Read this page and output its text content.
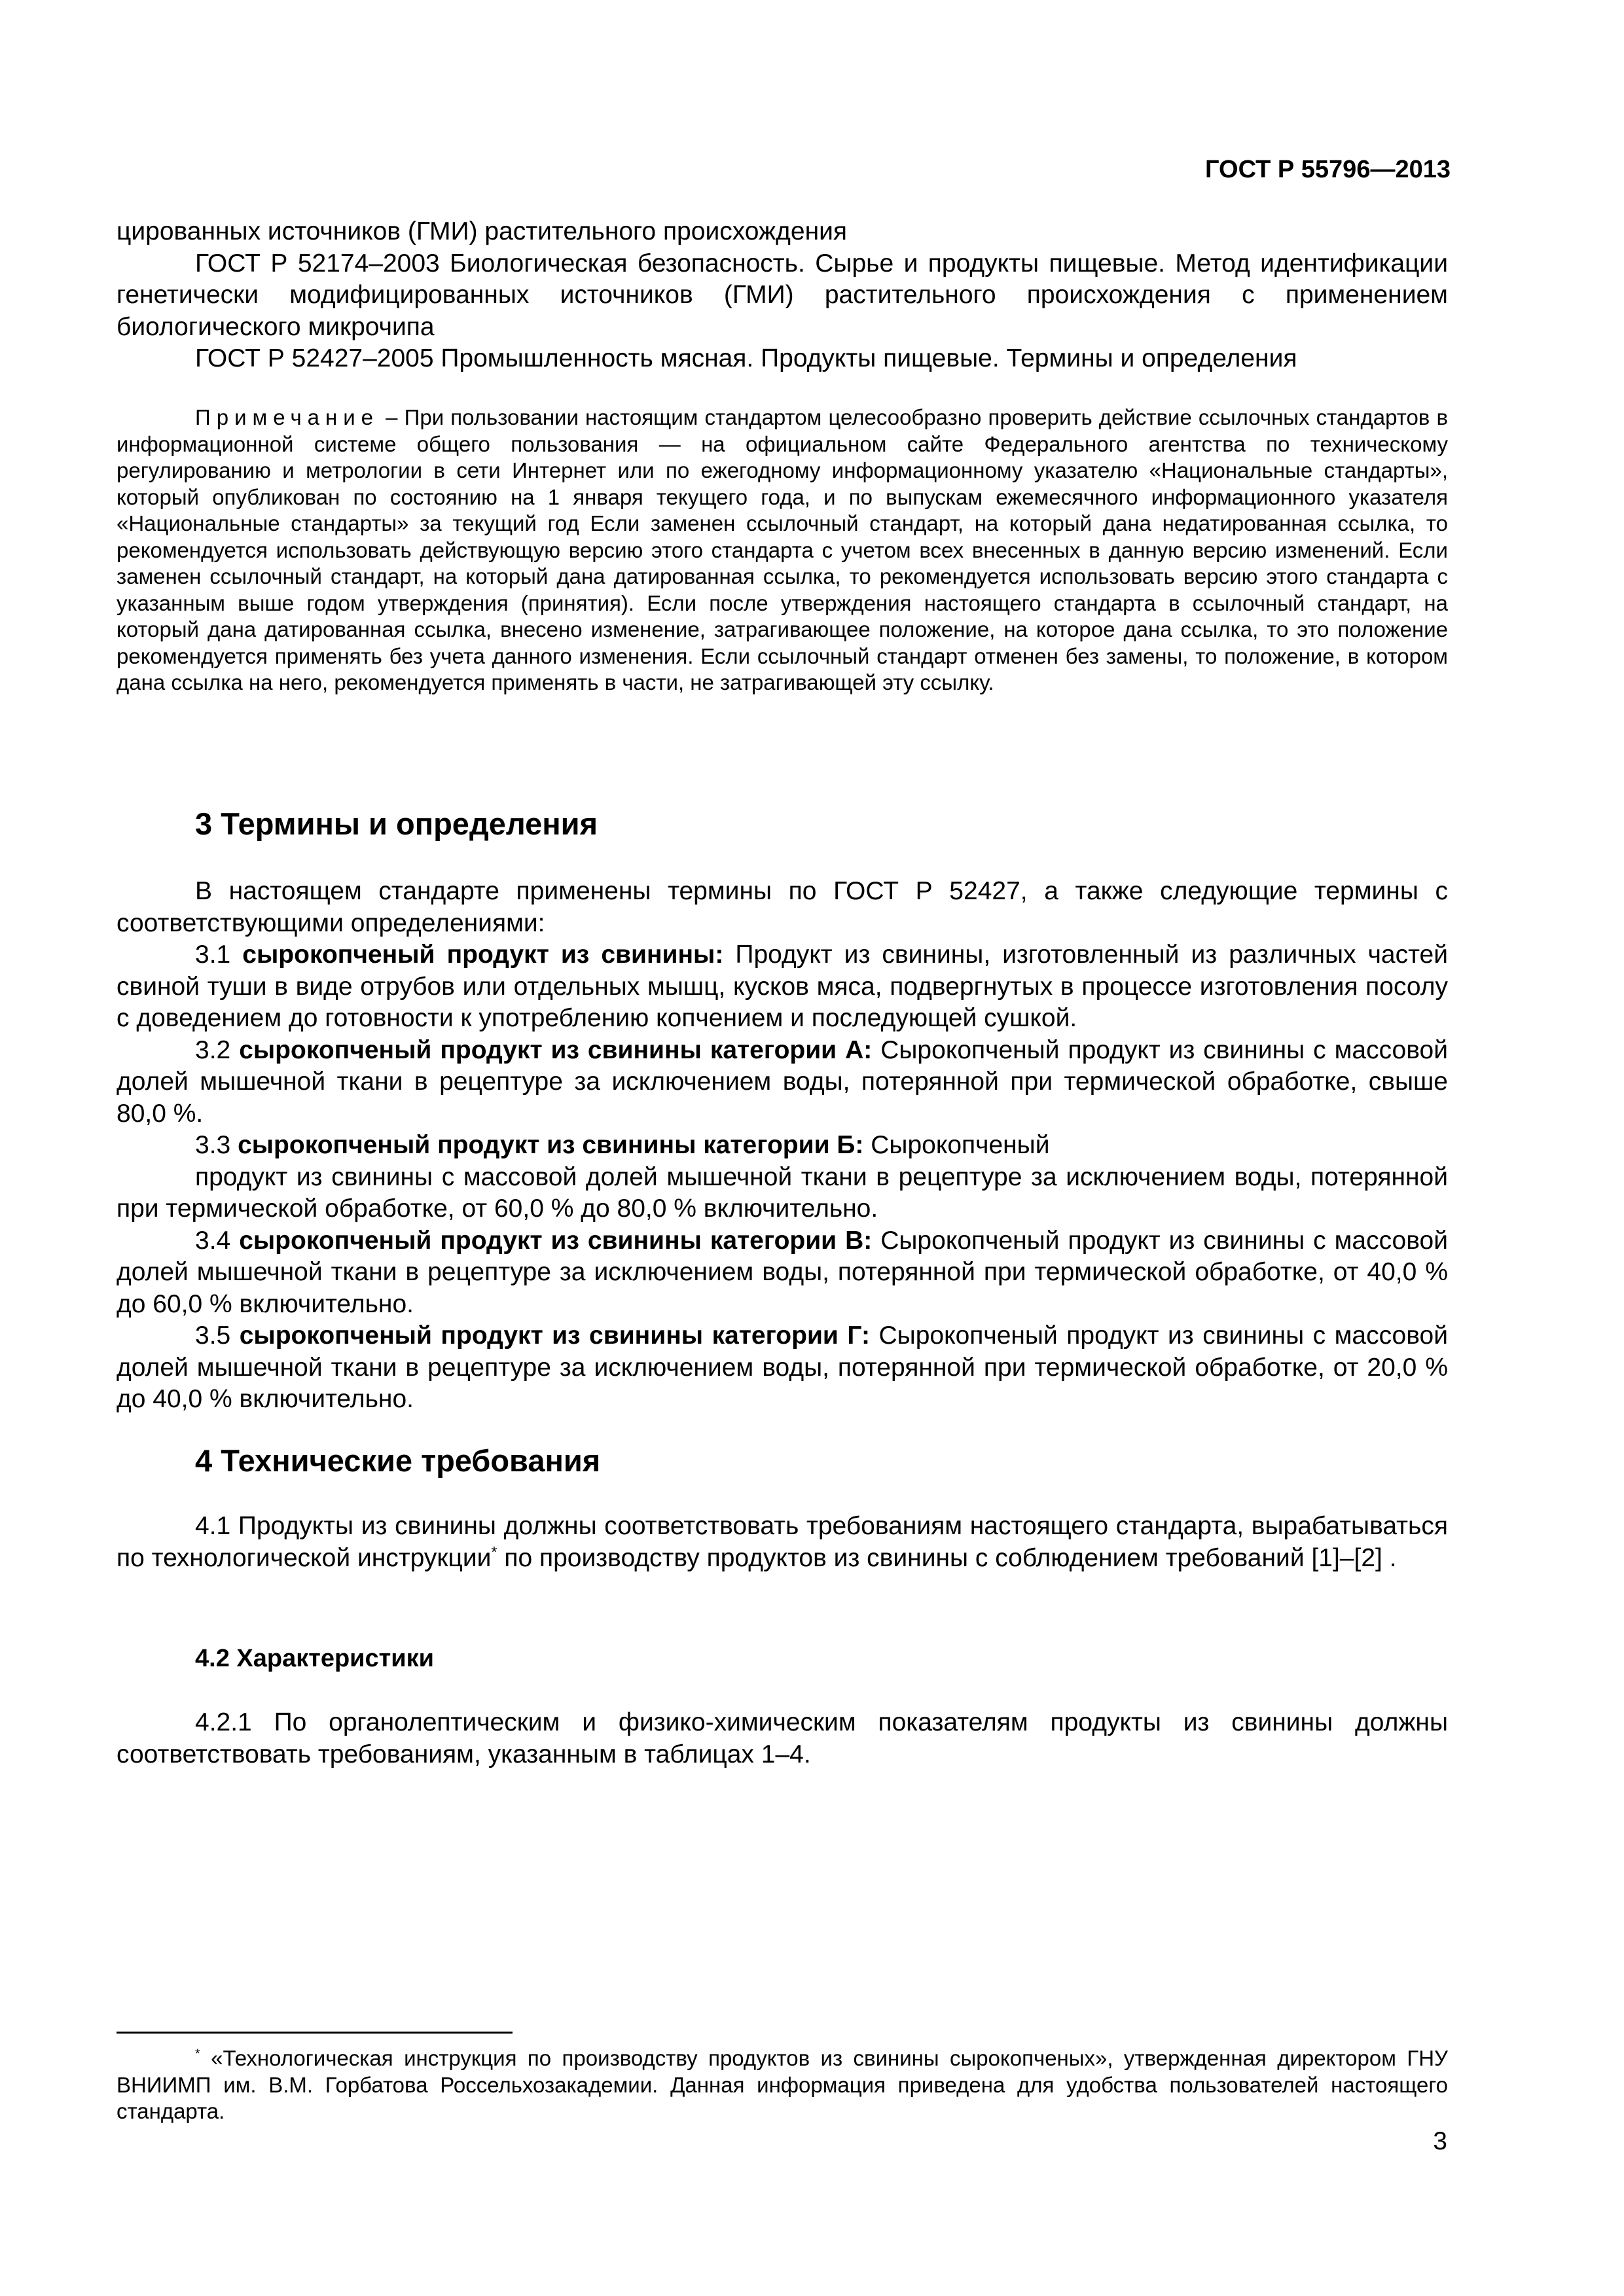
ГОСТ Р 55796—2013

цированных источников (ГМИ) растительного происхождения

ГОСТ Р 52174–2003 Биологическая безопасность. Сырье и продукты пищевые. Метод идентификации генетически модифицированных источников (ГМИ) растительного происхождения с применением биологического микрочипа

ГОСТ Р 52427–2005 Промышленность мясная. Продукты пищевые. Термины и определения

Примечание – При пользовании настоящим стандартом целесообразно проверить действие ссылочных стандартов в информационной системе общего пользования — на официальном сайте Федерального агентства по техническому регулированию и метрологии в сети Интернет или по ежегодному информационному указателю «Национальные стандарты», который опубликован по состоянию на 1 января текущего года, и по выпускам ежемесячного информационного указателя «Национальные стандарты» за текущий год Если заменен ссылочный стандарт, на который дана недатированная ссылка, то рекомендуется использовать действующую версию этого стандарта с учетом всех внесенных в данную версию изменений. Если заменен ссылочный стандарт, на который дана датированная ссылка, то рекомендуется использовать версию этого стандарта с указанным выше годом утверждения (принятия). Если после утверждения настоящего стандарта в ссылочный стандарт, на который дана датированная ссылка, внесено изменение, затрагивающее положение, на которое дана ссылка, то это положение рекомендуется применять без учета данного изменения. Если ссылочный стандарт отменен без замены, то положение, в котором дана ссылка на него, рекомендуется применять в части, не затрагивающей эту ссылку.

3 Термины и определения

В настоящем стандарте применены термины по ГОСТ Р 52427, а также следующие термины с соответствующими определениями:

3.1 сырокопченый продукт из свинины: Продукт из свинины, изготовленный из различных частей свиной туши в виде отрубов или отдельных мышц, кусков мяса, подвергнутых в процессе изготовления посолу с доведением до готовности к употреблению копчением и последующей сушкой.

3.2 сырокопченый продукт из свинины категории А: Сырокопченый продукт из свинины с массовой долей мышечной ткани в рецептуре за исключением воды, потерянной при термической обработке, свыше 80,0 %.

3.3 сырокопченый продукт из свинины категории Б: Сырокопченый

продукт из свинины с массовой долей мышечной ткани в рецептуре за исключением воды, потерянной при термической обработке, от 60,0 % до 80,0 % включительно.

3.4 сырокопченый продукт из свинины категории В: Сырокопченый продукт из свинины с массовой долей мышечной ткани в рецептуре за исключением воды, потерянной при термической обработке, от 40,0 % до 60,0 % включительно.

3.5 сырокопченый продукт из свинины категории Г: Сырокопченый продукт из свинины с массовой долей мышечной ткани в рецептуре за исключением воды, потерянной при термической обработке, от 20,0 % до 40,0 % включительно.

4 Технические требования

4.1 Продукты из свинины должны соответствовать требованиям настоящего стандарта, вырабатываться по технологической инструкции* по производству продуктов из свинины с соблюдением требований [1]–[2] .

4.2 Характеристики

4.2.1 По органолептическим и физико-химическим показателям продукты из свинины должны соответствовать требованиям, указанным в таблицах 1–4.

* «Технологическая инструкция по производству продуктов из свинины сырокопченых», утвержденная директором ГНУ ВНИИМП им. В.М. Горбатова Россельхозакадемии. Данная информация приведена для удобства пользователей настоящего стандарта.

3
